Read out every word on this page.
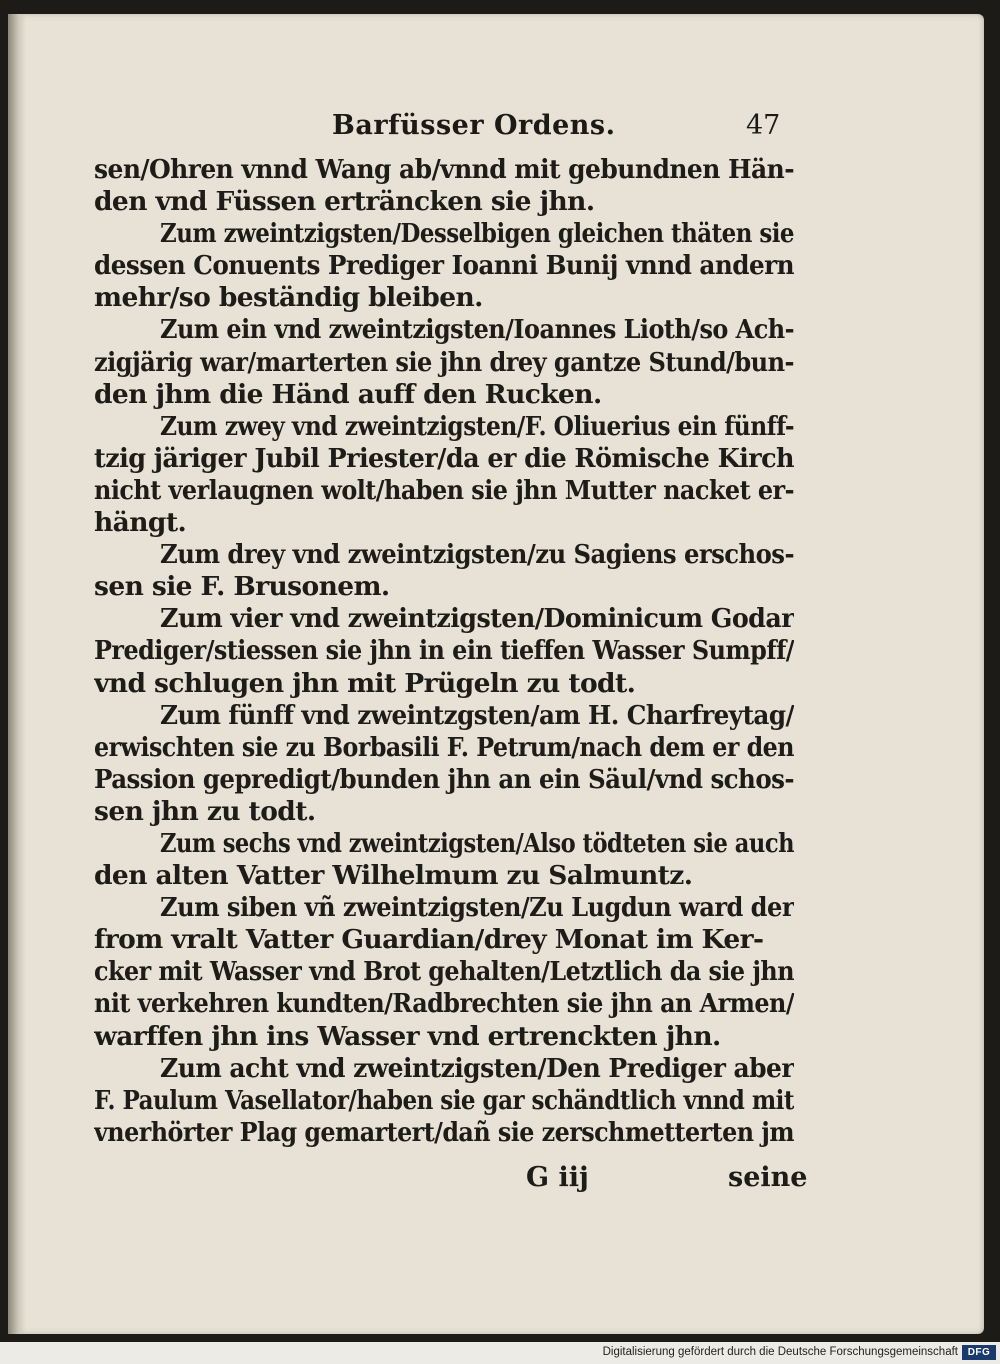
Barfüsser Ordens.	47
sen/Ohren vnnd Wang ab/vnnd mit gebundnen Hän-
den vnd Füssen erträncken sie jhn.
Zum zweintzigsten/Desselbigen gleichen thäten sie
dessen Conuents Prediger Ioanni Bunij vnnd andern
mehr/so beständig bleiben.
Zum ein vnd zweintzigsten/Ioannes Lioth/so Ach-
zigjärig war/marterten sie jhn drey gantze Stund/bun-
den jhm die Händ auff den Rucken.
Zum zwey vnd zweintzigsten/F. Oliuerius ein fünff-
tzig järiger Jubil Priester/da er die Römische Kirch
nicht verlaugnen wolt/haben sie jhn Mutter nacket er-
hängt.
Zum drey vnd zweintzigsten/zu Sagiens erschos-
sen sie F. Brusonem.
Zum vier vnd zweintzigsten/Dominicum Godar
Prediger/stiessen sie jhn in ein tieffen Wasser Sumpff/
vnd schlugen jhn mit Prügeln zu todt.
Zum fünff vnd zweintzgsten/am H. Charfreytag/
erwischten sie zu Borbasili F. Petrum/nach dem er den
Passion gepredigt/bunden jhn an ein Säul/vnd schos-
sen jhn zu todt.
Zum sechs vnd zweintzigsten/Also tödteten sie auch
den alten Vatter Wilhelmum zu Salmuntz.
Zum siben vñ zweintzigsten/Zu Lugdun ward der
from vralt Vatter Guardian/drey Monat im Ker-
cker mit Wasser vnd Brot gehalten/Letztlich da sie jhn
nit verkehren kundten/Radbrechten sie jhn an Armen/
warffen jhn ins Wasser vnd ertrenckten jhn.
Zum acht vnd zweintzigsten/Den Prediger aber
F. Paulum Vasellator/haben sie gar schändtlich vnnd mit
vnerhörter Plag gemartert/dañ sie zerschmetterten jm
G iij	seine
Digitalisierung gefördert durch die Deutsche Forschungsgemeinschaft DFG
